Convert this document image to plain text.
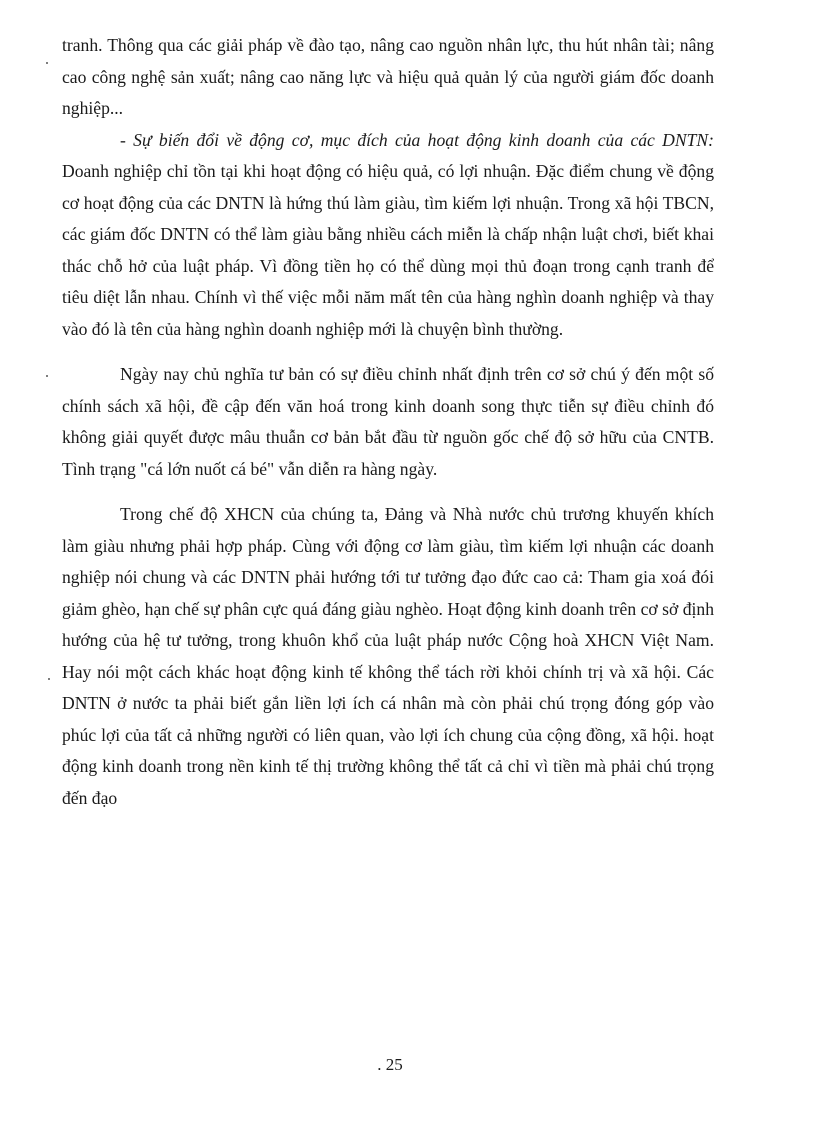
tranh. Thông qua các giải pháp về đào tạo, nâng cao nguồn nhân lực, thu hút nhân tài; nâng cao công nghệ sản xuất; nâng cao năng lực và hiệu quả quản lý của người giám đốc doanh nghiệp...

- Sự biến đổi về động cơ, mục đích của hoạt động kinh doanh của các DNTN: Doanh nghiệp chỉ tồn tại khi hoạt động có hiệu quả, có lợi nhuận. Đặc điểm chung về động cơ hoạt động của các DNTN là hứng thú làm giàu, tìm kiếm lợi nhuận. Trong xã hội TBCN, các giám đốc DNTN có thể làm giàu bằng nhiều cách miễn là chấp nhận luật chơi, biết khai thác chỗ hở của luật pháp. Vì đồng tiền họ có thể dùng mọi thủ đoạn trong cạnh tranh để tiêu diệt lẫn nhau. Chính vì thế việc mỗi năm mất tên của hàng nghìn doanh nghiệp và thay vào đó là tên của hàng nghìn doanh nghiệp mới là chuyện bình thường.

Ngày nay chủ nghĩa tư bản có sự điều chỉnh nhất định trên cơ sở chú ý đến một số chính sách xã hội, đề cập đến văn hoá trong kinh doanh song thực tiễn sự điều chỉnh đó không giải quyết được mâu thuẫn cơ bản bắt đầu từ nguồn gốc chế độ sở hữu của CNTB. Tình trạng "cá lớn nuốt cá bé" vẫn diễn ra hàng ngày.

Trong chế độ XHCN của chúng ta, Đảng và Nhà nước chủ trương khuyến khích làm giàu nhưng phải hợp pháp. Cùng với động cơ làm giàu, tìm kiếm lợi nhuận các doanh nghiệp nói chung và các DNTN phải hướng tới tư tưởng đạo đức cao cả: Tham gia xoá đói giảm ghèo, hạn chế sự phân cực quá đáng giàu nghèo. Hoạt động kinh doanh trên cơ sở định hướng của hệ tư tưởng, trong khuôn khổ của luật pháp nước Cộng hoà XHCN Việt Nam. Hay nói một cách khác hoạt động kinh tế không thể tách rời khỏi chính trị và xã hội. Các DNTN ở nước ta phải biết gắn liền lợi ích cá nhân mà còn phải chú trọng đóng góp vào phúc lợi của tất cả những người có liên quan, vào lợi ích chung của cộng đồng, xã hội. hoạt động kinh doanh trong nền kinh tế thị trường không thể tất cả chỉ vì tiền mà phải chú trọng đến đạo

. 25
